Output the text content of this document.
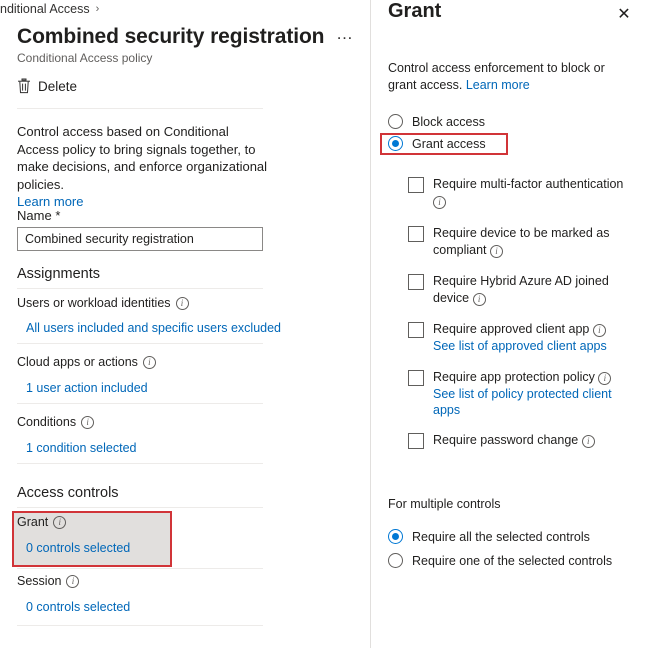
nditional Access ›
Combined security registration …
Conditional Access policy
Delete
Control access based on Conditional Access policy to bring signals together, to make decisions, and enforce organizational policies.
Learn more
Name *
Combined security registration
Assignments
Users or workload identities	i
All users included and specific users excluded
Cloud apps or actions	i
1 user action included
Conditions	i
1 condition selected
Access controls
Grant	i
0 controls selected
Session	i
0 controls selected
Grant	✕
Control access enforcement to block or grant access. Learn more
Block access
Grant access
Require multi-factor authentication i
Require device to be marked as compliant i
Require Hybrid Azure AD joined device i
Require approved client app i
See list of approved client apps
Require app protection policy i
See list of policy protected client apps
Require password change i
For multiple controls
Require all the selected controls
Require one of the selected controls
